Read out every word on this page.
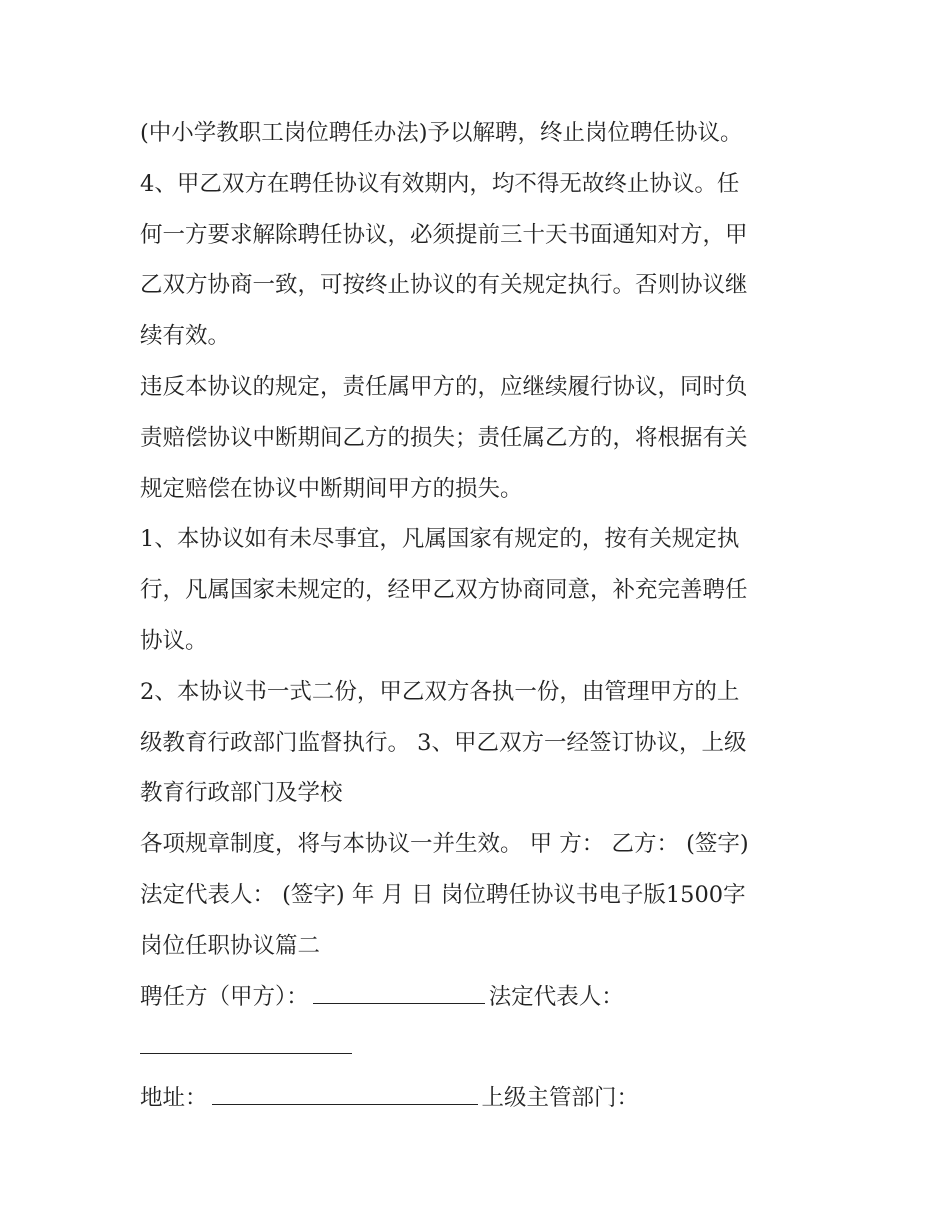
(中小学教职工岗位聘任办法)予以解聘，终止岗位聘任协议。
4、甲乙双方在聘任协议有效期内，均不得无故终止协议。任
何一方要求解除聘任协议，必须提前三十天书面通知对方，甲
乙双方协商一致，可按终止协议的有关规定执行。否则协议继
续有效。
违反本协议的规定，责任属甲方的，应继续履行协议，同时负
责赔偿协议中断期间乙方的损失；责任属乙方的，将根据有关
规定赔偿在协议中断期间甲方的损失。
1、本协议如有未尽事宜，凡属国家有规定的，按有关规定执
行，凡属国家未规定的，经甲乙双方协商同意，补充完善聘任
协议。
2、本协议书一式二份，甲乙双方各执一份，由管理甲方的上
级教育行政部门监督执行。 3、甲乙双方一经签订协议，上级
教育行政部门及学校
各项规章制度，将与本协议一并生效。 甲 方： 乙方： (签字)
法定代表人： (签字) 年 月 日 岗位聘任协议书电子版1500字
岗位任职协议篇二
聘任方（甲方）：	法定代表人：
地址：	上级主管部门：
